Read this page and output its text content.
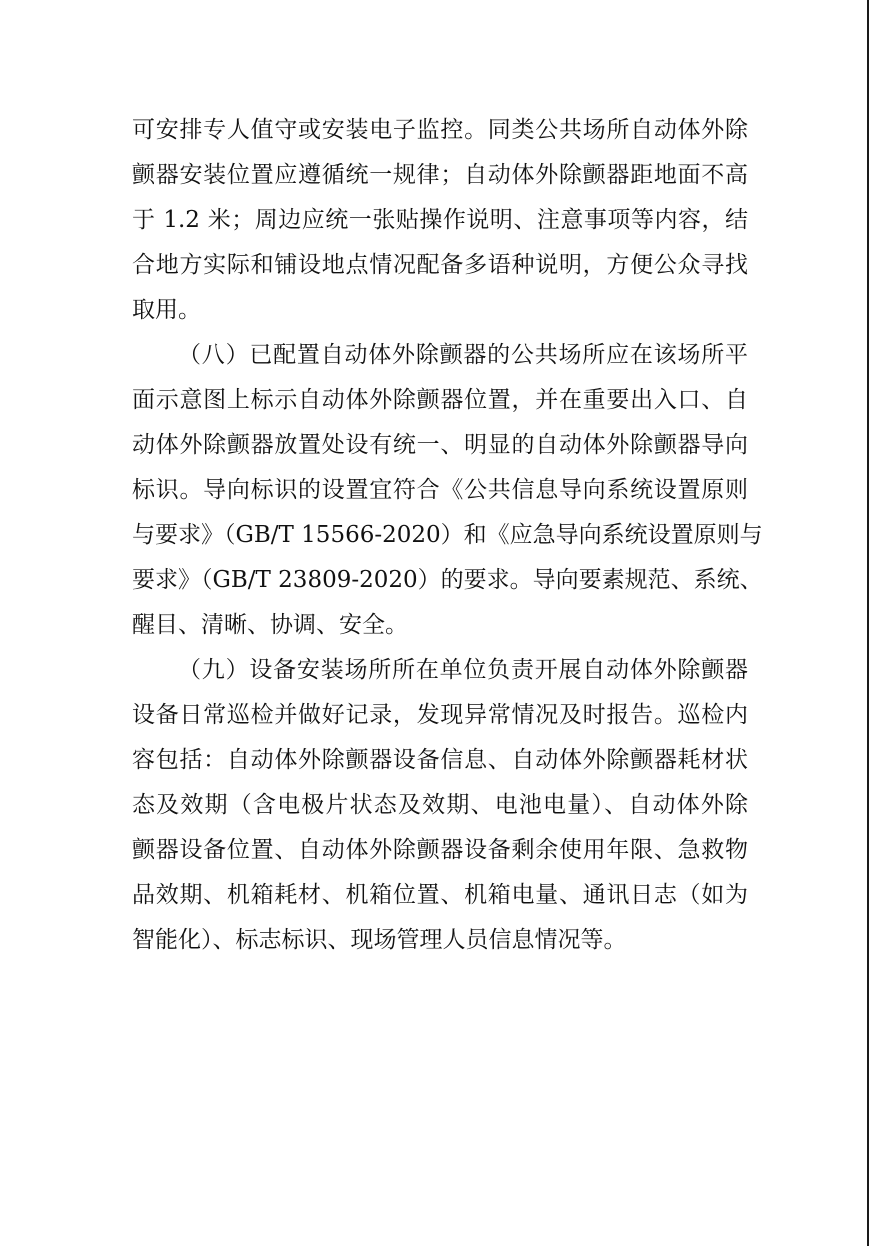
可安排专人值守或安装电子监控。同类公共场所自动体外除
颤器安装位置应遵循统一规律；自动体外除颤器距地面不高
于 1.2 米；周边应统一张贴操作说明、注意事项等内容，结
合地方实际和铺设地点情况配备多语种说明，方便公众寻找
取用。
（八）已配置自动体外除颤器的公共场所应在该场所平
面示意图上标示自动体外除颤器位置，并在重要出入口、自
动体外除颤器放置处设有统一、明显的自动体外除颤器导向
标识。导向标识的设置宜符合《公共信息导向系统设置原则
与要求》（GB/T 15566-2020）和《应急导向系统设置原则与
要求》（GB/T 23809-2020）的要求。导向要素规范、系统、
醒目、清晰、协调、安全。
（九）设备安装场所所在单位负责开展自动体外除颤器
设备日常巡检并做好记录，发现异常情况及时报告。巡检内
容包括：自动体外除颤器设备信息、自动体外除颤器耗材状
态及效期（含电极片状态及效期、电池电量）、自动体外除
颤器设备位置、自动体外除颤器设备剩余使用年限、急救物
品效期、机箱耗材、机箱位置、机箱电量、通讯日志（如为
智能化）、标志标识、现场管理人员信息情况等。
